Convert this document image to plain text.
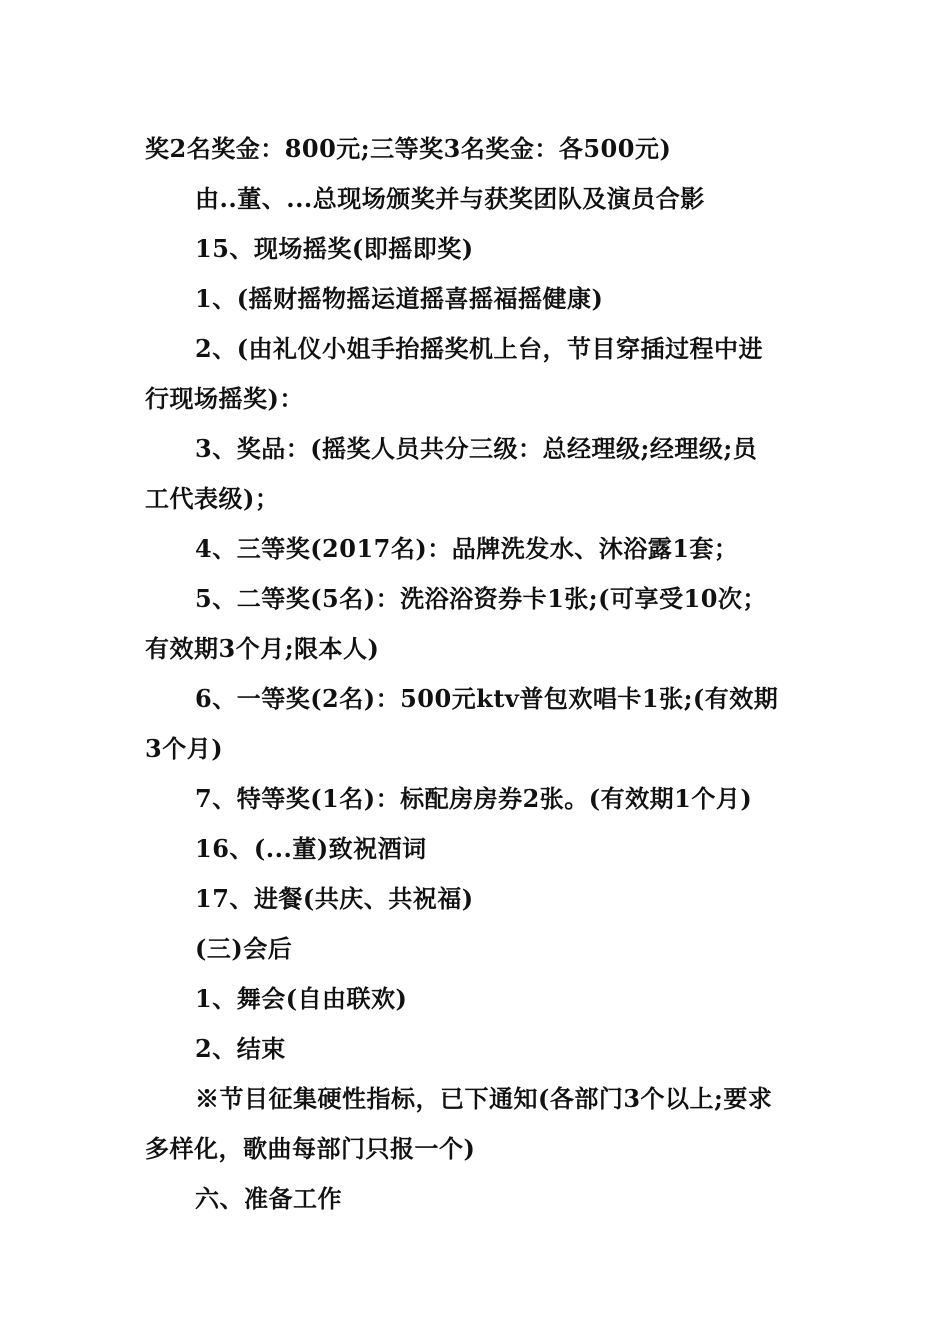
奖2名奖金：800元;三等奖3名奖金：各500元)
由..董、...总现场颁奖并与获奖团队及演员合影
15、现场摇奖(即摇即奖)
1、(摇财摇物摇运道摇喜摇福摇健康)
2、(由礼仪小姐手抬摇奖机上台，节目穿插过程中进
行现场摇奖)：
3、奖品：(摇奖人员共分三级：总经理级;经理级;员
工代表级)；
4、三等奖(2017名)：品牌洗发水、沐浴露1套；
5、二等奖(5名)：洗浴浴资券卡1张;(可享受10次；
有效期3个月;限本人)
6、一等奖(2名)：500元ktv普包欢唱卡1张;(有效期
3个月)
7、特等奖(1名)：标配房房券2张。(有效期1个月)
16、(...董)致祝酒词
17、进餐(共庆、共祝福)
(三)会后
1、舞会(自由联欢)
2、结束
※节目征集硬性指标，已下通知(各部门3个以上;要求
多样化，歌曲每部门只报一个)
六、准备工作
